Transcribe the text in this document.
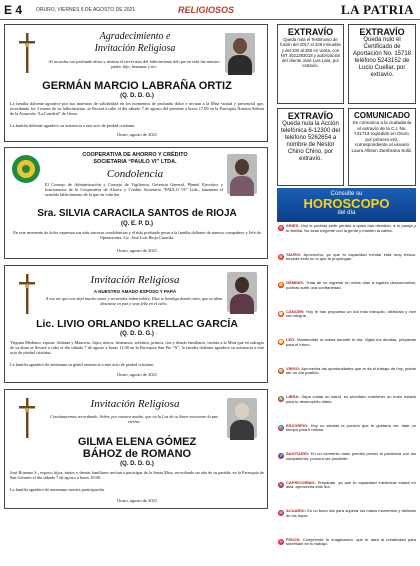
E 4	ORURO, VIERNES 6 DE AGOSTO DE 2021	RELIGIOSOS	LA PATRIA
Agradecimiento e
Invitación Religiosa
Al recordar con profundo dolor y tristeza el tercer mes del fallecimiento del que en vida fue nuestro padre, hijo, hermano y tío:
GERMÁN MARCIO LABRAÑA ORTIZ
(Q. D. D. G.)
La familia doliente agradece por sus muestras de solidaridad en los momentos de profundo dolor e invitan a la Misa virtual y presencial que, recordando los 3 meses de su fallecimiento, se llevará a cabo el día sábado 7 de agosto del presente a horas 17:00 en la Parroquia Nuestra Señora de la Asunción “La Catedral” de Oruro.
La familia doliente agradece su asistencia a este acto de piedad cristiana.
Oruro, agosto de 2021
COOPERATIVA DE AHORRO Y CRÉDITO
SOCIETARIA “PAULO VI” LTDA.
Condolencia
El Consejo de Administración y Consejo de Vigilancia, Gerencia General, Plantel Ejecutivo y funcionarios de la Cooperativa de Ahorro y Crédito Societaria “PAULO VI” Ltda., lamentan el sensible fallecimiento de la que en vida fue:
Sra. SILVIA CARACILA SANTOS de RIOJA
(Q. E. P. D.)
En este momento de dolor expresan sus más sinceras condolencias y el más profundo pesar a la familia doliente de nuestro compañero y Jefe de Operaciones, Lic. José Luis Rioja Caracila.
Oruro, agosto de 2021
Invitación Religiosa
A NUESTRO AMADO ESPOSO Y PAPÁ
A ese ser que nos dejó mucho amor y recuerdos imborrables, Dios te bendiga donde estés, que tu alma descanse en paz y seas feliz en el cielo.
Lic. LIVIO ORLANDO KRELLAC GARCÍA
(Q. D. D. G.)
Virginia Medrano, esposa; Adriana y Mauricio, hijos; nietos, hermanos, sobrinos, primos, tíos y demás familiares, invitan a la Misa que en sufragio de su alma se llevará a cabo el día sábado 7 de agosto a horas 11:00 en la Parroquia San Pío “X”, la familia doliente agradece su asistencia a este acto de piedad cristiana.
La familia agradece de antemano su gentil asistencia a este acto de piedad cristiana.
Oruro, agosto de 2021
Invitación Religiosa
Continuaremos recordando, Señor, por nuestra madre, que en la Luz de tu Amor encuentre la paz eterna:
GILMA ELENA GÓMEZ
BÁHOZ de ROMANO
(Q. D. D. G.)
José Romano S., esposo; hijos, nietos y demás familiares invitan a participar de la Santa Misa, recordando un año de su partida, en la Parroquia de San Gerardo el día sábado 7 de agosto a horas 18:00.
La familia agradece de antemano vuestra participación.
Oruro, agosto de 2021
EXTRAVÍO
Queda nula el Testimonio de fusión del 2017 el 329 inmueble y del 330 al 350 en venta, con NIT 4021393018 y autorización del cliente José Luis Lara, por extravío.
EXTRAVÍO
Queda nulo el Certificado de Aportación No. 15718 teléfono 5243152 de Lucio Cuellar, por extravío.
EXTRAVÍO
Queda nula la Acción telefónica 6-12300 del teléfono 5262654 a nombre de Nestor Chino Chino, por extravío.
COMUNICADO
Se comunica a la ciudadanía el extravío de la C.I. No. 741713 expedido en Oruro, por primera vez, correspondiente al usuario Laura Allison Zambrana Soliz.
Consulte su
HOROSCOPO
del día
♈ ARIES: Hoy le podrías pedir perdón a quien has ofendido, a tu pareja y tu familia. No seas exigente con la gente y mantén la calma.
♉ TAURO: Aprovecha, ya que tu capacidad mental está muy fresca, tendrás éxito en lo que te propongas.
♊ GÉMINIS: Trata de no ingresar en estos días a lugares desconocidos, podrías sufrir una contrariedad.
♋ CÁNCER: Hoy te has propuesto un día más tranquilo, disfrútalo y vive con alegría.
♌ LEO: Mantendrás la calma durante el día. Vigila tus deudas, prepárate para el futuro.
♍ VIRGO: Aprovecha las oportunidades que te da el trabajo de hoy, puede ser un día positivo.
♎ LIBRA: Sepa cuidar su salud, es prioritario mantener un buen estado para tu desempeño diario.
♏ ESCORPIO: Hoy no sientas la presión que te gustaría ver, date un tiempo para ti mismo.
♐ SAGITARIO: En un momento dado puedes perder la paciencia con tus compañeros, procura ser prudente.
♑ CAPRICORNIO: Prepárate, ya que tu capacidad intelectual estará en alza, aprovecha este día.
♒ ACUARIO: Es un buen día para superar los malos momentos y disfrutar de los tuyos.
♓ PISCIS: Comprende tu imaginación, que te dará la creatividad para sobresalir en tu trabajo.
